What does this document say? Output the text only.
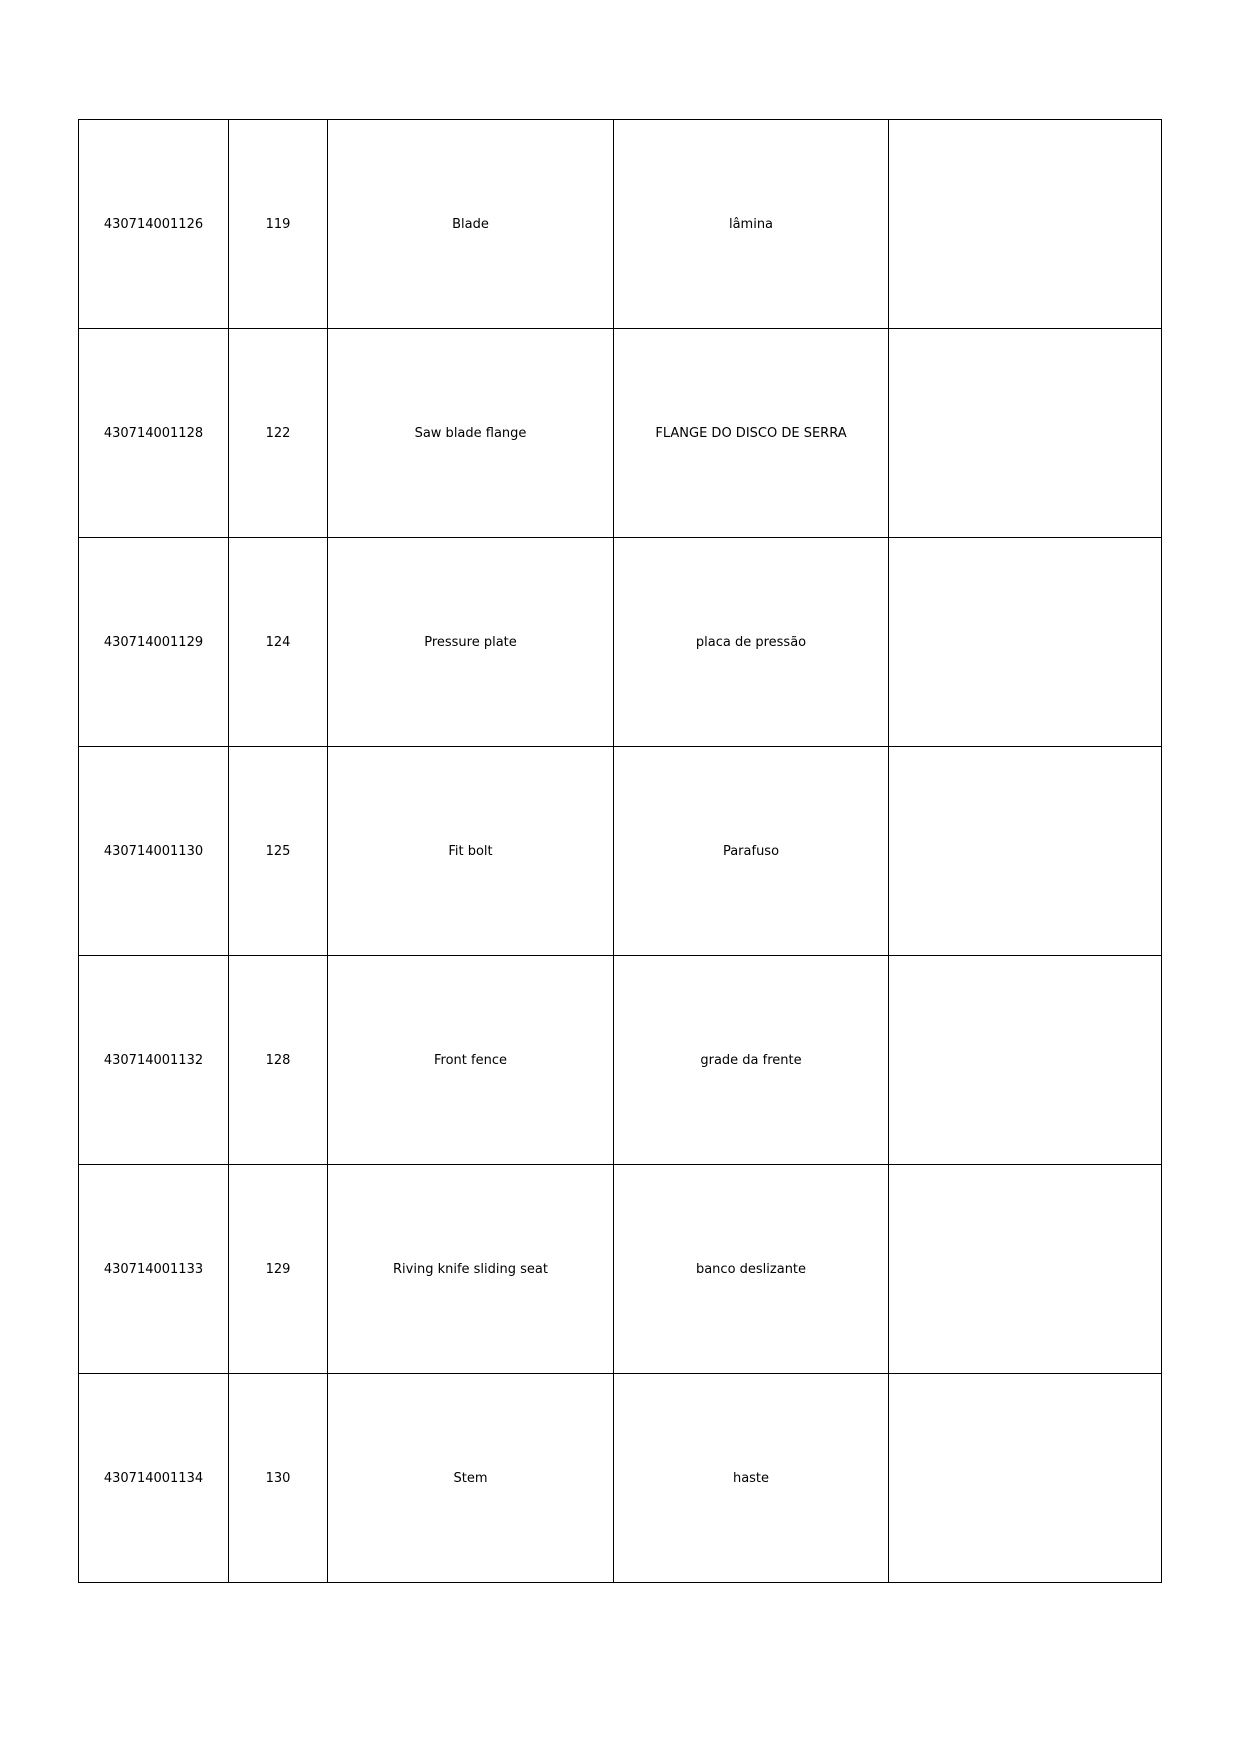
430714001126	119	Blade	lâmina	
430714001128	122	Saw blade flange	FLANGE DO DISCO DE SERRA	
430714001129	124	Pressure plate	placa de pressão	
430714001130	125	Fit bolt	Parafuso	
430714001132	128	Front fence	grade da frente	
430714001133	129	Riving knife sliding seat	banco deslizante	
430714001134	130	Stem	haste	
